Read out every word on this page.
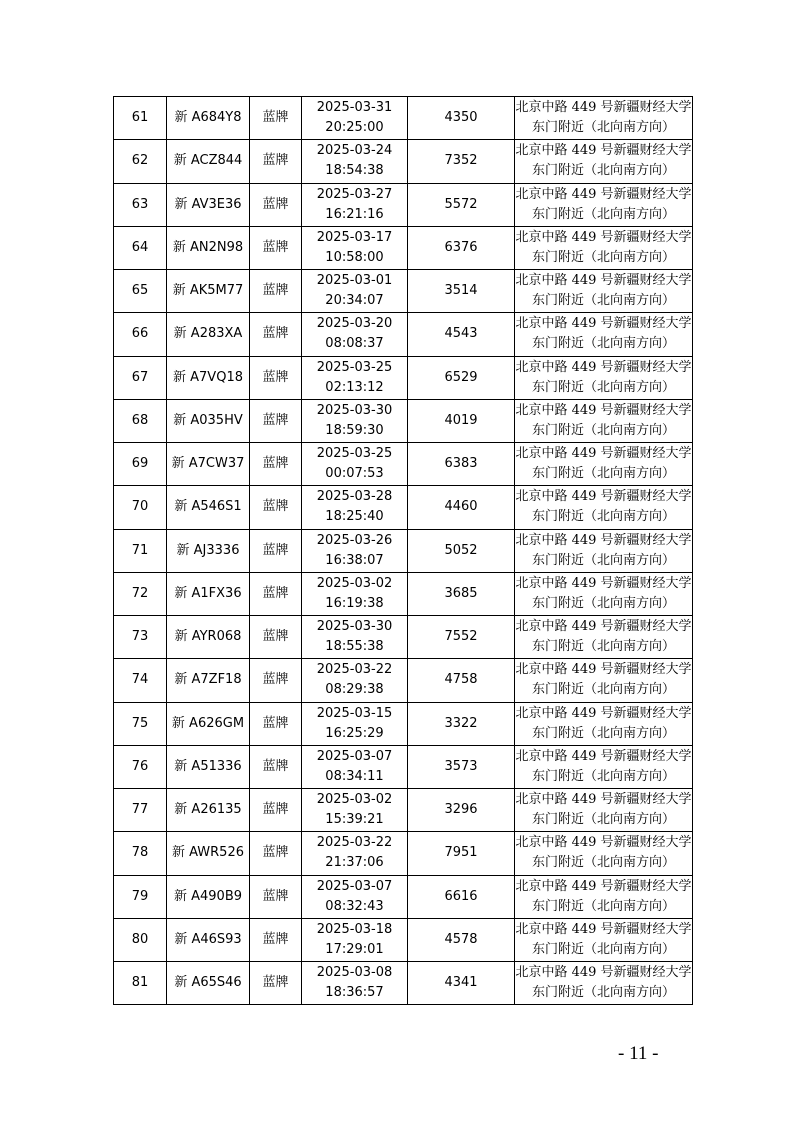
61	新 A684Y8	蓝牌	2025-03-31
20:25:00	4350	北京中路 449 号新疆财经大学
东门附近（北向南方向）

62	新 ACZ844	蓝牌	2025-03-24
18:54:38	7352	北京中路 449 号新疆财经大学
东门附近（北向南方向）

63	新 AV3E36	蓝牌	2025-03-27
16:21:16	5572	北京中路 449 号新疆财经大学
东门附近（北向南方向）

64	新 AN2N98	蓝牌	2025-03-17
10:58:00	6376	北京中路 449 号新疆财经大学
东门附近（北向南方向）

65	新 AK5M77	蓝牌	2025-03-01
20:34:07	3514	北京中路 449 号新疆财经大学
东门附近（北向南方向）

66	新 A283XA	蓝牌	2025-03-20
08:08:37	4543	北京中路 449 号新疆财经大学
东门附近（北向南方向）

67	新 A7VQ18	蓝牌	2025-03-25
02:13:12	6529	北京中路 449 号新疆财经大学
东门附近（北向南方向）

68	新 A035HV	蓝牌	2025-03-30
18:59:30	4019	北京中路 449 号新疆财经大学
东门附近（北向南方向）

69	新 A7CW37	蓝牌	2025-03-25
00:07:53	6383	北京中路 449 号新疆财经大学
东门附近（北向南方向）

70	新 A546S1	蓝牌	2025-03-28
18:25:40	4460	北京中路 449 号新疆财经大学
东门附近（北向南方向）

71	新 AJ3336	蓝牌	2025-03-26
16:38:07	5052	北京中路 449 号新疆财经大学
东门附近（北向南方向）

72	新 A1FX36	蓝牌	2025-03-02
16:19:38	3685	北京中路 449 号新疆财经大学
东门附近（北向南方向）

73	新 AYR068	蓝牌	2025-03-30
18:55:38	7552	北京中路 449 号新疆财经大学
东门附近（北向南方向）

74	新 A7ZF18	蓝牌	2025-03-22
08:29:38	4758	北京中路 449 号新疆财经大学
东门附近（北向南方向）

75	新 A626GM	蓝牌	2025-03-15
16:25:29	3322	北京中路 449 号新疆财经大学
东门附近（北向南方向）

76	新 A51336	蓝牌	2025-03-07
08:34:11	3573	北京中路 449 号新疆财经大学
东门附近（北向南方向）

77	新 A26135	蓝牌	2025-03-02
15:39:21	3296	北京中路 449 号新疆财经大学
东门附近（北向南方向）

78	新 AWR526	蓝牌	2025-03-22
21:37:06	7951	北京中路 449 号新疆财经大学
东门附近（北向南方向）

79	新 A490B9	蓝牌	2025-03-07
08:32:43	6616	北京中路 449 号新疆财经大学
东门附近（北向南方向）

80	新 A46S93	蓝牌	2025-03-18
17:29:01	4578	北京中路 449 号新疆财经大学
东门附近（北向南方向）

81	新 A65S46	蓝牌	2025-03-08
18:36:57	4341	北京中路 449 号新疆财经大学
东门附近（北向南方向）
- 11 -
